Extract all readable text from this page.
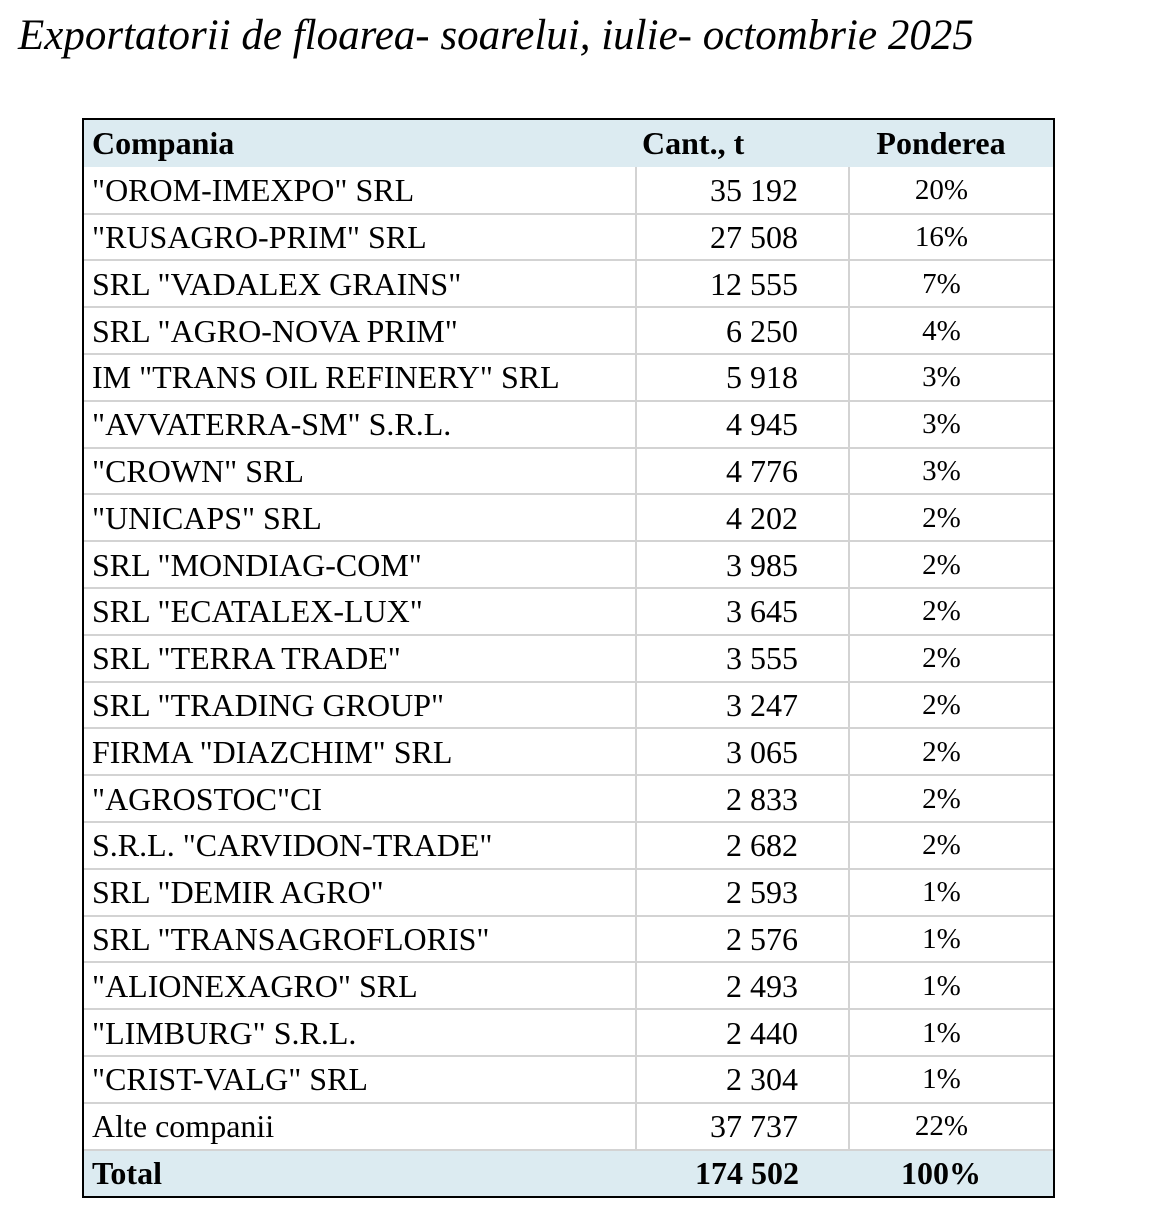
Exportatorii de floarea- soarelui, iulie- octombrie 2025
Compania	Cant., t	Ponderea
"OROM-IMEXPO" SRL	35 192	20%
"RUSAGRO-PRIM" SRL	27 508	16%
SRL "VADALEX GRAINS"	12 555	7%
SRL "AGRO-NOVA PRIM"	6 250	4%
IM "TRANS OIL REFINERY" SRL	5 918	3%
"AVVATERRA-SM" S.R.L.	4 945	3%
"CROWN" SRL	4 776	3%
"UNICAPS" SRL	4 202	2%
SRL "MONDIAG-COM"	3 985	2%
SRL "ECATALEX-LUX"	3 645	2%
SRL "TERRA TRADE"	3 555	2%
SRL "TRADING GROUP"	3 247	2%
FIRMA "DIAZCHIM" SRL	3 065	2%
"AGROSTOC"CI	2 833	2%
S.R.L. "CARVIDON-TRADE"	2 682	2%
SRL "DEMIR AGRO"	2 593	1%
SRL "TRANSAGROFLORIS"	2 576	1%
"ALIONEXAGRO" SRL	2 493	1%
"LIMBURG" S.R.L.	2 440	1%
"CRIST-VALG" SRL	2 304	1%
Alte companii	37 737	22%
Total	174 502	100%
